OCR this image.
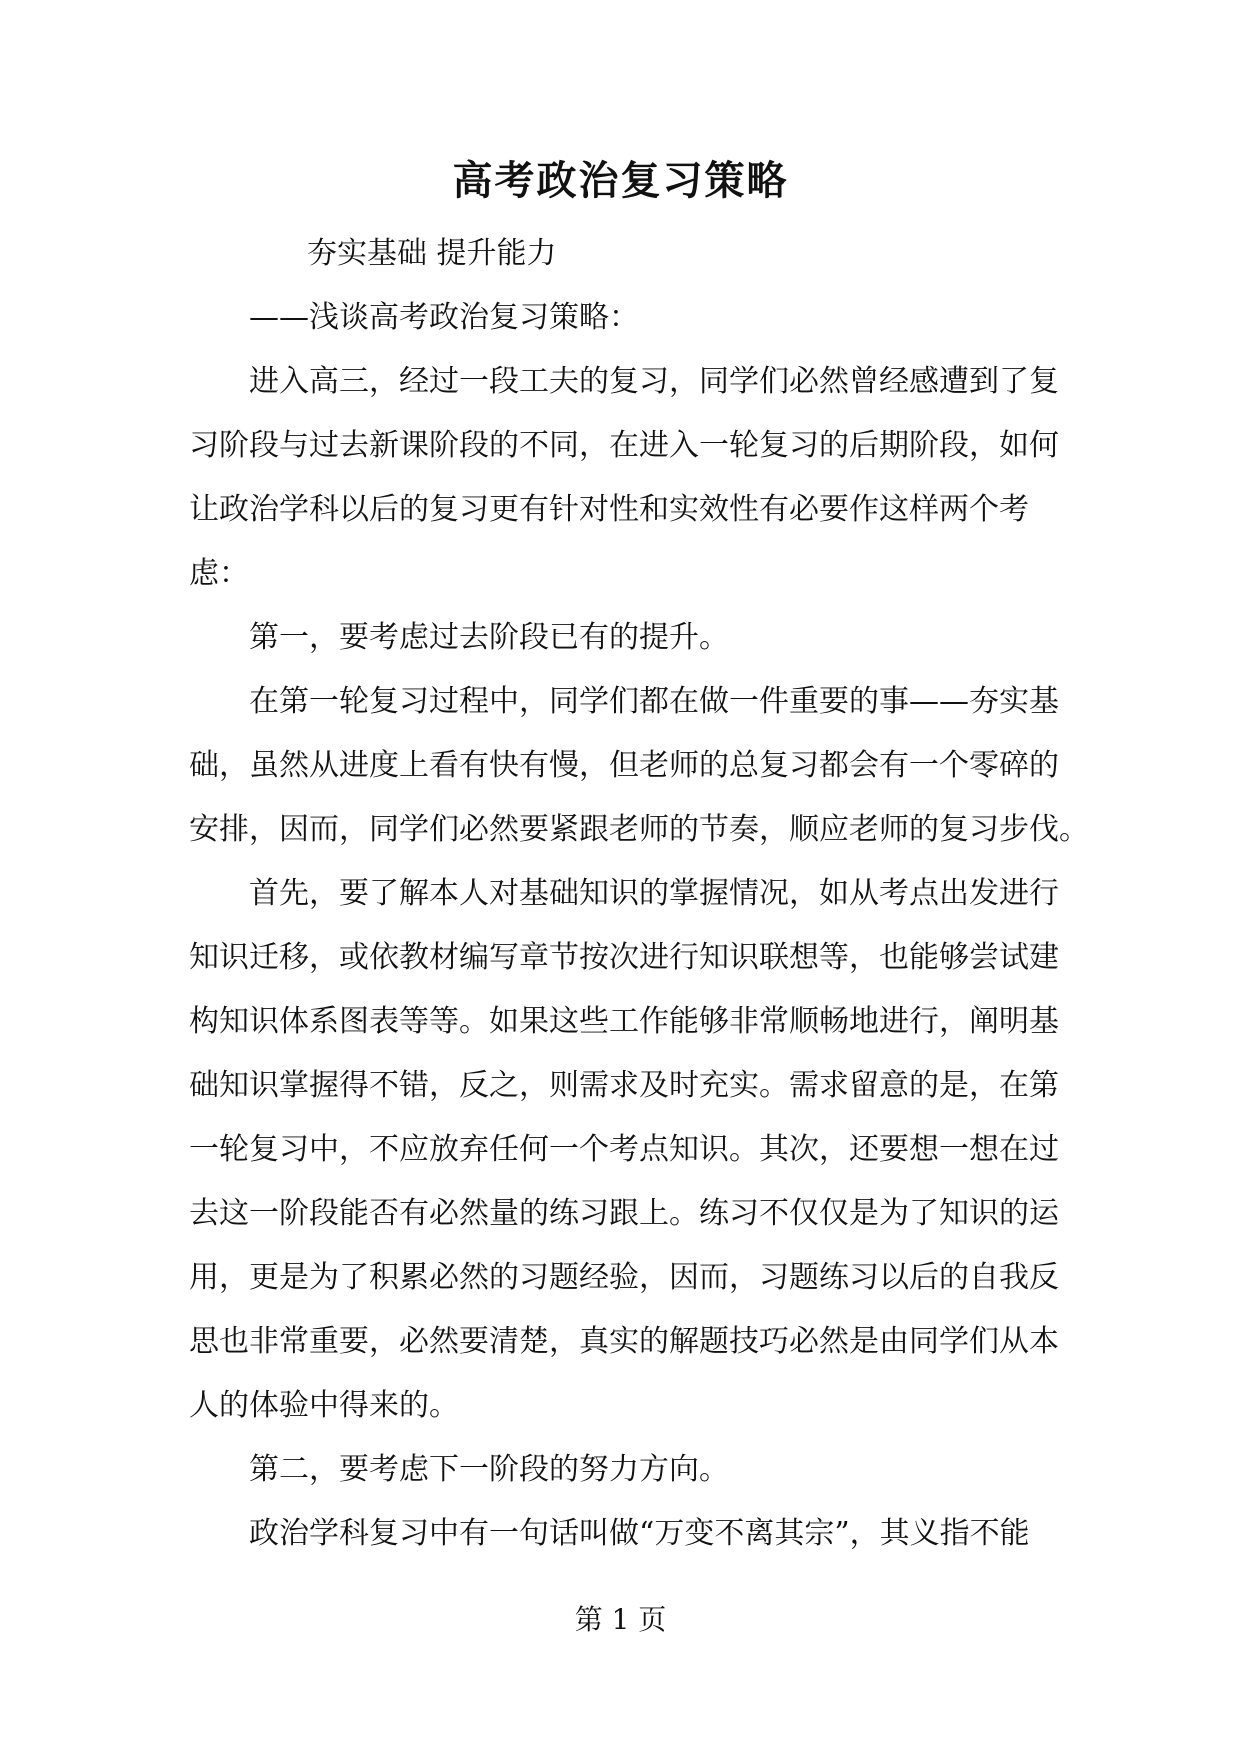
高考政治复习策略
夯实基础 提升能力
——浅谈高考政治复习策略：
进入高三，经过一段工夫的复习，同学们必然曾经感遭到了复
习阶段与过去新课阶段的不同，在进入一轮复习的后期阶段，如何
让政治学科以后的复习更有针对性和实效性有必要作这样两个考
虑：
第一，要考虑过去阶段已有的提升。
在第一轮复习过程中，同学们都在做一件重要的事——夯实基
础，虽然从进度上看有快有慢，但老师的总复习都会有一个零碎的
安排，因而，同学们必然要紧跟老师的节奏，顺应老师的复习步伐。
首先，要了解本人对基础知识的掌握情况，如从考点出发进行
知识迁移，或依教材编写章节按次进行知识联想等，也能够尝试建
构知识体系图表等等。如果这些工作能够非常顺畅地进行，阐明基
础知识掌握得不错，反之，则需求及时充实。需求留意的是，在第
一轮复习中，不应放弃任何一个考点知识。其次，还要想一想在过
去这一阶段能否有必然量的练习跟上。练习不仅仅是为了知识的运
用，更是为了积累必然的习题经验，因而，习题练习以后的自我反
思也非常重要，必然要清楚，真实的解题技巧必然是由同学们从本
人的体验中得来的。
第二，要考虑下一阶段的努力方向。
政治学科复习中有一句话叫做“万变不离其宗”，其义指不能
第 1 页
